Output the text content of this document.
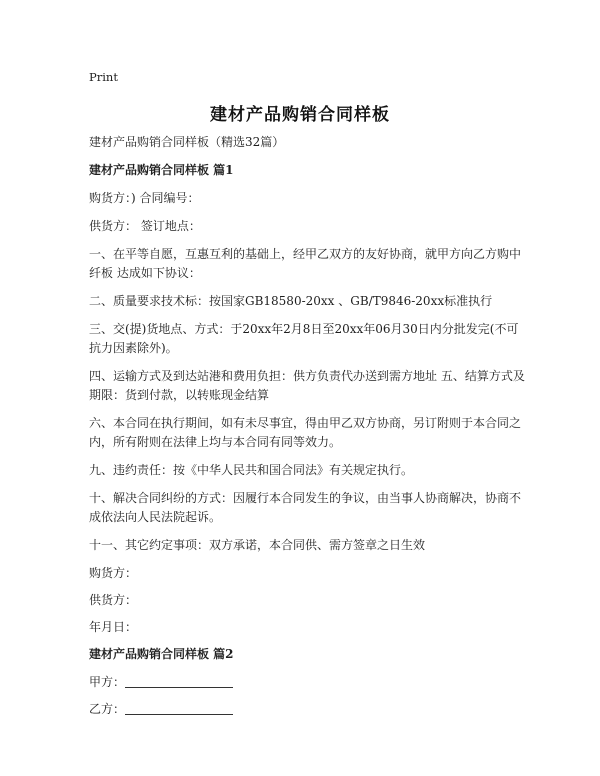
Print
建材产品购销合同样板

建材产品购销合同样板（精选32篇）

建材产品购销合同样板 篇1

购货方：) 合同编号：

供货方： 签订地点：

一、在平等自愿，互惠互利的基础上，经甲乙双方的友好协商，就甲方向乙方购中纤板 达成如下协议：

二、质量要求技术标：按国家GB18580-20xx 、GB/T9846-20xx标准执行

三、交(提)货地点、方式：于20xx年2月8日至20xx年06月30日内分批发完(不可抗力因素除外)。

四、运输方式及到达站港和费用负担：供方负责代办送到需方地址 五、结算方式及期限：货到付款，以转账现金结算

六、本合同在执行期间，如有未尽事宜，得由甲乙双方协商，另订附则于本合同之内，所有附则在法律上均与本合同有同等效力。

九、违约责任：按《中华人民共和国合同法》有关规定执行。

十、解决合同纠纷的方式：因履行本合同发生的争议，由当事人协商解决，协商不成依法向人民法院起诉。

十一、其它约定事项：双方承诺，本合同供、需方签章之日生效

购货方：

供货方：

年月日：

建材产品购销合同样板 篇2

甲方：

乙方：
